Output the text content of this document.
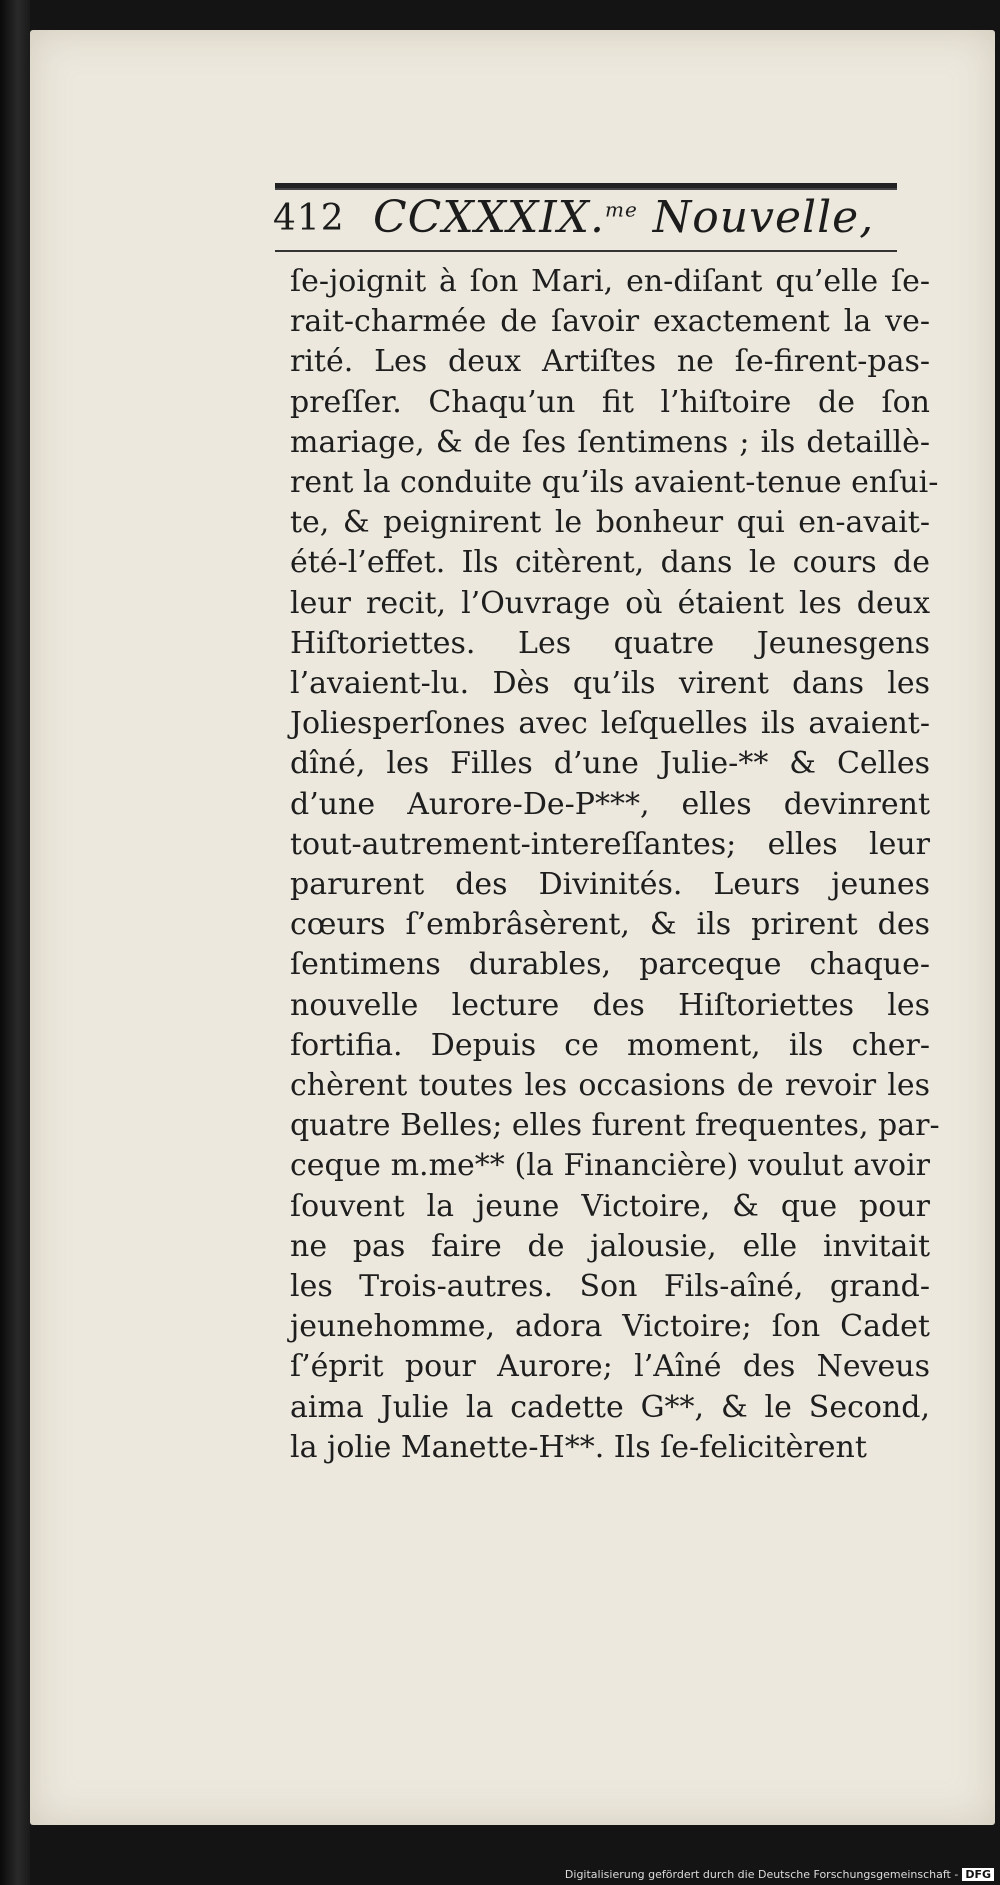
412 CCXXXIX.$^{me}$ Nouvelle,
ſe-joignit à ſon Mari, en-diſant qu’elle ſe-
rait-charmée de ſavoir exactement la ve-
rité. Les deux Artiſtes ne ſe-firent-pas-
preſſer. Chaqu’un fit l’hiſtoire de ſon
mariage, & de ſes ſentimens ; ils detaillè-
rent la conduite qu’ils avaient-tenue enſui-
te, & peignirent le bonheur qui en-avait-
été-l’effet. Ils citèrent, dans le cours de
leur recit, l’Ouvrage où étaient les deux
Hiſtoriettes. Les quatre Jeunesgens
l’avaient-lu. Dès qu’ils virent dans les
Joliesperſones avec leſquelles ils avaient-
dîné, les Filles d’une Julie-** & Celles
d’une Aurore-De-P***, elles devinrent
tout-autrement-intereſſantes; elles leur
parurent des Divinités. Leurs jeunes
cœurs ſ’embrâsèrent, & ils prirent des
ſentimens durables, parceque chaque-
nouvelle lecture des Hiſtoriettes les
fortifia. Depuis ce moment, ils cher-
chèrent toutes les occasions de revoir les
quatre Belles; elles furent frequentes, par-
ceque m.me** (la Financière) voulut avoir
ſouvent la jeune Victoire, & que pour
ne pas faire de jalousie, elle invitait
les Trois-autres. Son Fils-aîné, grand-
jeunehomme, adora Victoire; ſon Cadet
ſ’éprit pour Aurore; l’Aîné des Neveus
aima Julie la cadette G**, & le Second,
la jolie Manette-H**. Ils ſe-felicitèrent
Digitalisierung gefördert durch die Deutsche Forschungsgemeinschaft - DFG
